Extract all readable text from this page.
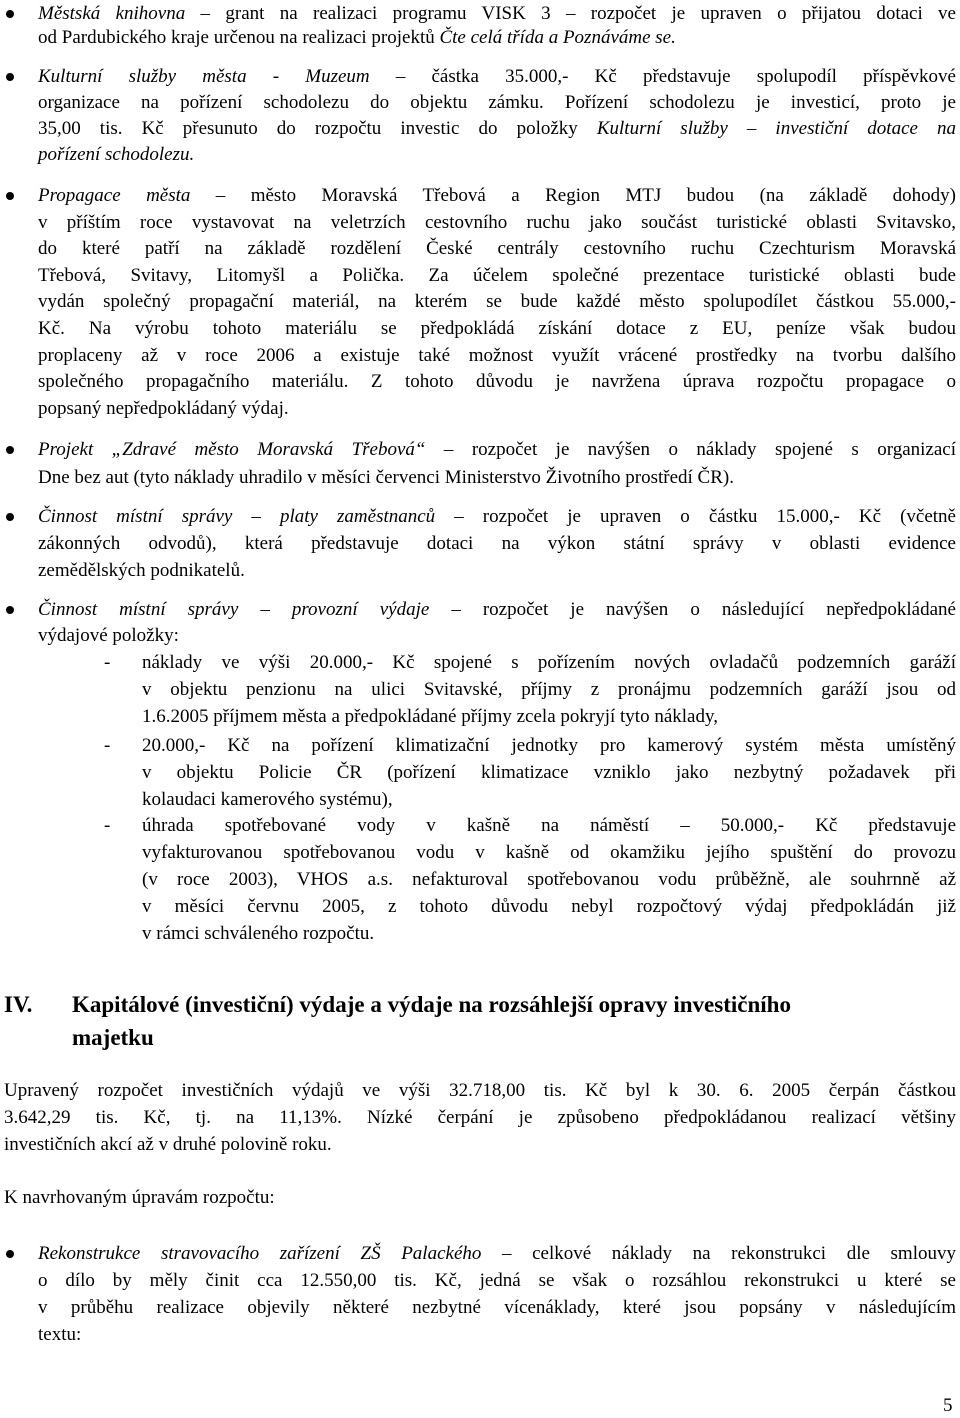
Městská knihovna – grant na realizaci programu VISK 3 – rozpočet je upraven o přijatou dotaci ve
od Pardubického kraje určenou na realizaci projektů Čte celá třída a Poznáváme se.
Kulturní služby města - Muzeum – částka 35.000,- Kč představuje spolupodíl příspěvkové
organizace na pořízení schodolezu do objektu zámku. Pořízení schodolezu je investicí, proto je
35,00 tis. Kč přesunuto do rozpočtu investic do položky Kulturní služby – investiční dotace na
pořízení schodolezu.
Propagace města – město Moravská Třebová a Region MTJ budou (na základě dohody)
v příštím roce vystavovat na veletrzích cestovního ruchu jako součást turistické oblasti Svitavsko,
do které patří na základě rozdělení České centrály cestovního ruchu Czechturism Moravská
Třebová, Svitavy, Litomyšl a Polička. Za účelem společné prezentace turistické oblasti bude
vydán společný propagační materiál, na kterém se bude každé město spolupodílet částkou 55.000,-
Kč. Na výrobu tohoto materiálu se předpokládá získání dotace z EU, peníze však budou
proplaceny až v roce 2006 a existuje také možnost využít vrácené prostředky na tvorbu dalšího
společného propagačního materiálu. Z tohoto důvodu je navržena úprava rozpočtu propagace o
popsaný nepředpokládaný výdaj.
Projekt „Zdravé město Moravská Třebová“ – rozpočet je navýšen o náklady spojené s organizací
Dne bez aut (tyto náklady uhradilo v měsíci červenci Ministerstvo Životního prostředí ČR).
Činnost místní správy – platy zaměstnanců – rozpočet je upraven o částku 15.000,- Kč (včetně
zákonných odvodů), která představuje dotaci na výkon státní správy v oblasti evidence
zemědělských podnikatelů.
Činnost místní správy – provozní výdaje – rozpočet je navýšen o následující nepředpokládané
výdajové položky:
- náklady ve výši 20.000,- Kč spojené s pořízením nových ovladačů podzemních garáží
v objektu penzionu na ulici Svitavské, příjmy z pronájmu podzemních garáží jsou od
1.6.2005 příjmem města a předpokládané příjmy zcela pokryjí tyto náklady,
- 20.000,- Kč na pořízení klimatizační jednotky pro kamerový systém města umístěný
v objektu Policie ČR (pořízení klimatizace vzniklo jako nezbytný požadavek při
kolaudaci kamerového systému),
- úhrada spotřebované vody v kašně na náměstí – 50.000,- Kč představuje
vyfakturovanou spotřebovanou vodu v kašně od okamžiku jejího spuštění do provozu
(v roce 2003), VHOS a.s. nefakturoval spotřebovanou vodu průběžně, ale souhrnně až
v měsíci červnu 2005, z tohoto důvodu nebyl rozpočtový výdaj předpokládán již
v rámci schváleného rozpočtu.
IV. Kapitálové (investiční) výdaje a výdaje na rozsáhlejší opravy investičního
majetku
Upravený rozpočet investičních výdajů ve výši 32.718,00 tis. Kč byl k 30. 6. 2005 čerpán částkou
3.642,29 tis. Kč, tj. na 11,13%. Nízké čerpání je způsobeno předpokládanou realizací většiny
investičních akcí až v druhé polovině roku.
K navrhovaným úpravám rozpočtu:
Rekonstrukce stravovacího zařízení ZŠ Palackého – celkové náklady na rekonstrukci dle smlouvy
o dílo by měly činit cca 12.550,00 tis. Kč, jedná se však o rozsáhlou rekonstrukci u které se
v průběhu realizace objevily některé nezbytné vícenáklady, které jsou popsány v následujícím
textu:
5
